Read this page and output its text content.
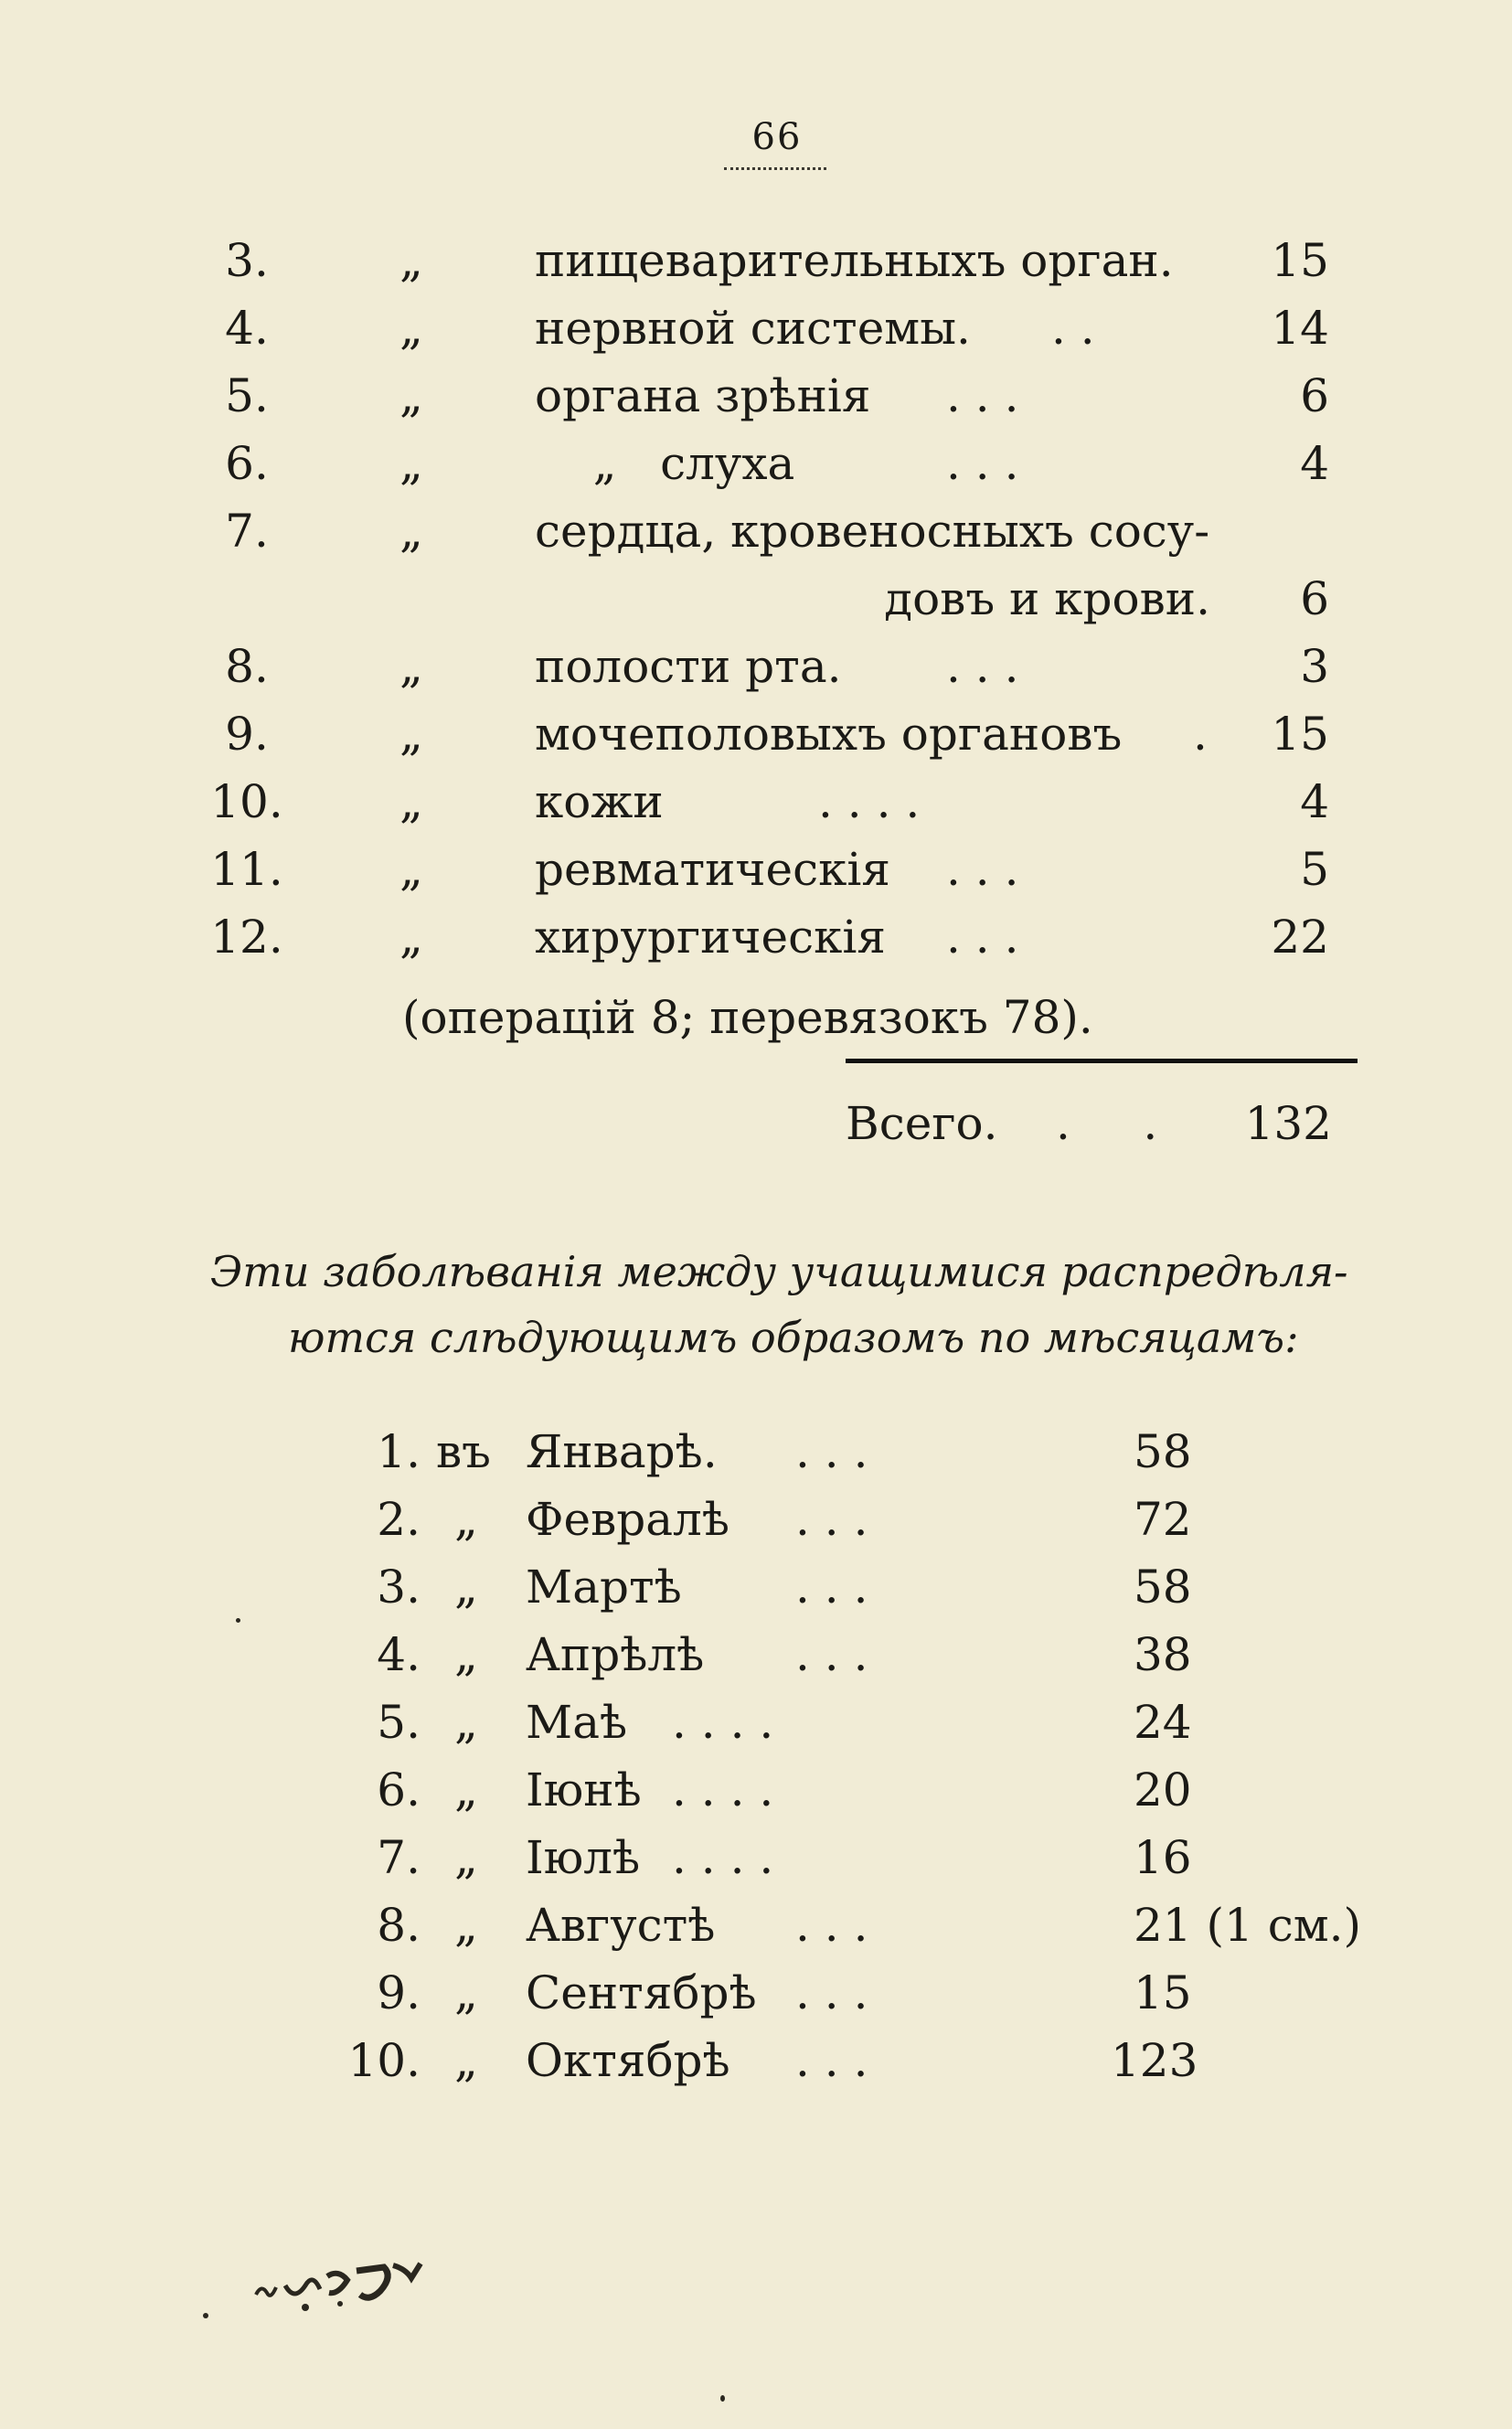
66
3.	„	пищеварительныхъ орган. 15
4.	„	нервной системы. . .	14
5.	„	органа зрѣнія . . .	6
6.	„	„   слуха	. . .	4
7.	„	сердца, кровеносныхъ сосу-
довъ и крови. 6
8.	„	полости рта. . . .	3
9.	„	мочеполовыхъ органовъ .	15
10.	„	кожи	. . . .	4
11.	„	ревматическія . . .	5
12.	„	хирургическія . . .	22
(операцій 8; перевязокъ 78).
Всего. .     . 132
Эти заболѣванія между учащимися распредѣля-
ются слѣдующимъ образомъ по мѣсяцамъ:
1. въ Январѣ. . . .	58
2. „	Февралѣ . . .	72
3. „	Мартѣ . . .	58
4. „	Апрѣлѣ . . .	38
5. „	Маѣ . . . .	24
6. „	Іюнѣ . . . .	20
7. „	Іюлѣ . . . .	16
8. „	Августѣ . . .	21 (1 см.)
9. „	Сентябрѣ . . .	15
10. „	Октябрѣ . . .	123
